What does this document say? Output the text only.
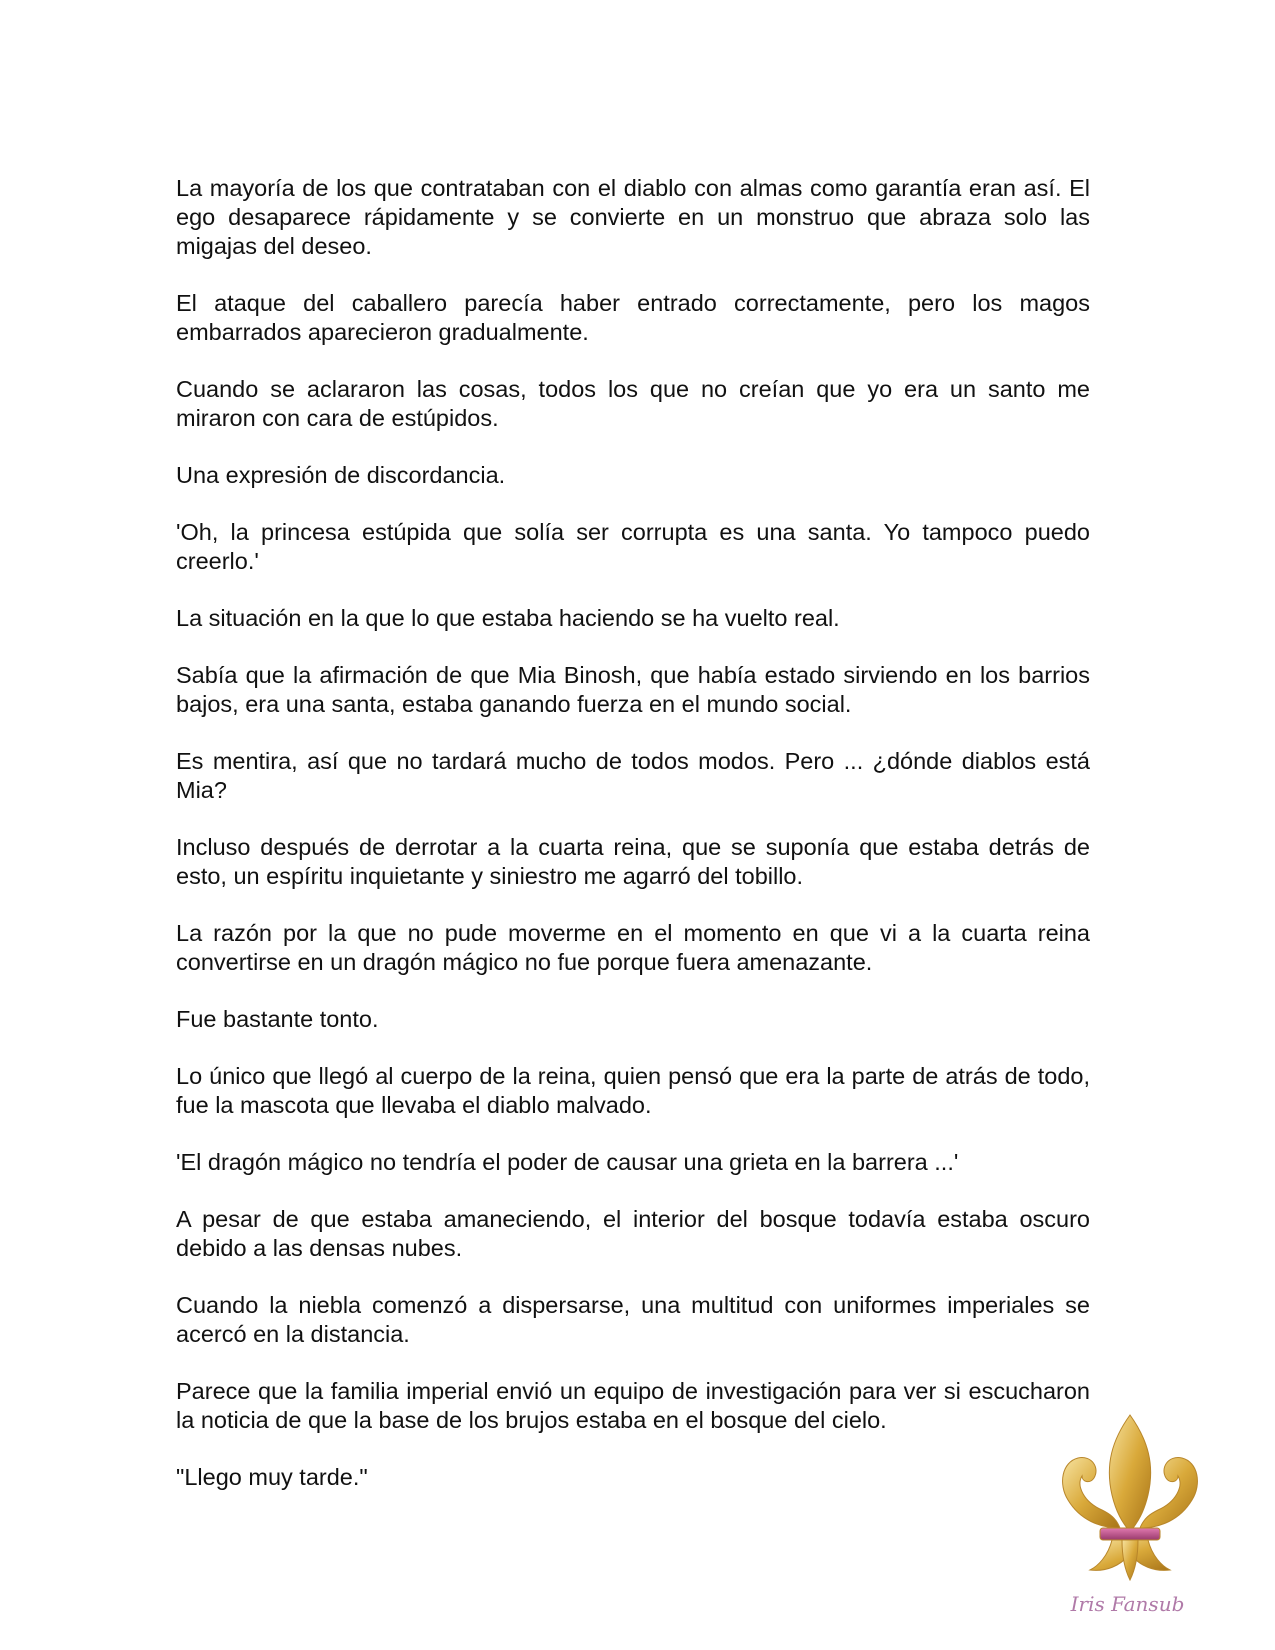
La mayoría de los que contrataban con el diablo con almas como garantía eran así. El ego desaparece rápidamente y se convierte en un monstruo que abraza solo las migajas del deseo.

El ataque del caballero parecía haber entrado correctamente, pero los magos embarrados aparecieron gradualmente.

Cuando se aclararon las cosas, todos los que no creían que yo era un santo me miraron con cara de estúpidos.

Una expresión de discordancia.

'Oh, la princesa estúpida que solía ser corrupta es una santa. Yo tampoco puedo creerlo.'

La situación en la que lo que estaba haciendo se ha vuelto real.

Sabía que la afirmación de que Mia Binosh, que había estado sirviendo en los barrios bajos, era una santa, estaba ganando fuerza en el mundo social.

Es mentira, así que no tardará mucho de todos modos. Pero ... ¿dónde diablos está Mia?

Incluso después de derrotar a la cuarta reina, que se suponía que estaba detrás de esto, un espíritu inquietante y siniestro me agarró del tobillo.

La razón por la que no pude moverme en el momento en que vi a la cuarta reina convertirse en un dragón mágico no fue porque fuera amenazante.

Fue bastante tonto.

Lo único que llegó al cuerpo de la reina, quien pensó que era la parte de atrás de todo, fue la mascota que llevaba el diablo malvado.

'El dragón mágico no tendría el poder de causar una grieta en la barrera ...'

A pesar de que estaba amaneciendo, el interior del bosque todavía estaba oscuro debido a las densas nubes.

Cuando la niebla comenzó a dispersarse, una multitud con uniformes imperiales se acercó en la distancia.

Parece que la familia imperial envió un equipo de investigación para ver si escucharon la noticia de que la base de los brujos estaba en el bosque del cielo.

"Llego muy tarde."

Iris Fansub
